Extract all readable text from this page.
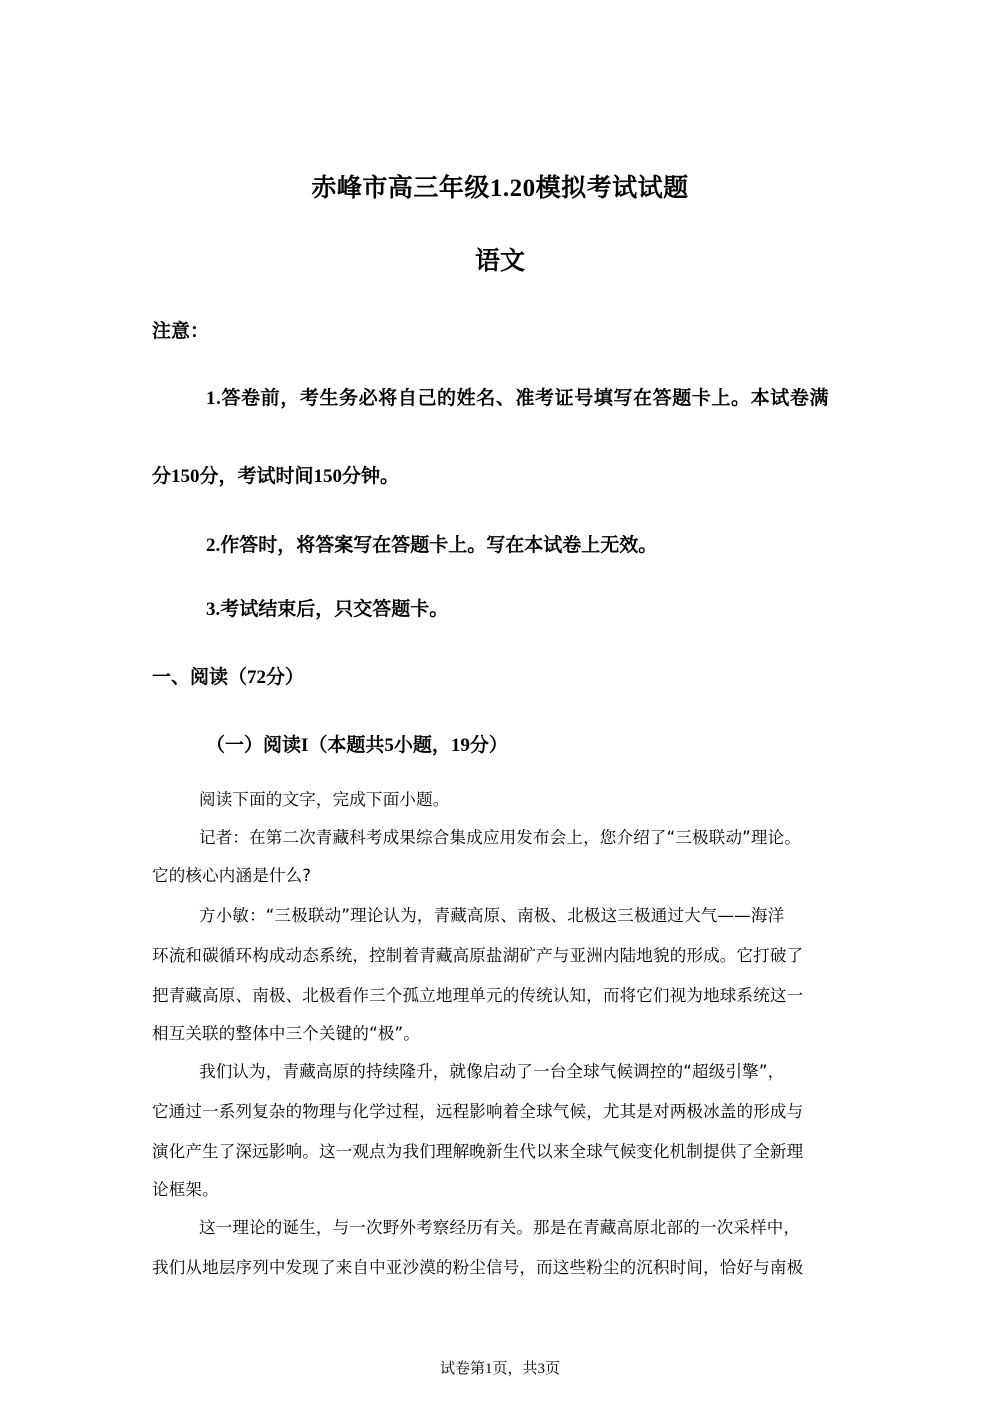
赤峰市高三年级1.20模拟考试试题
语文
注意：
1.答卷前，考生务必将自己的姓名、准考证号填写在答题卡上。本试卷满
分150分，考试时间150分钟。
2.作答时，将答案写在答题卡上。写在本试卷上无效。
3.考试结束后，只交答题卡。
一、阅读（72分）
（一）阅读I（本题共5小题，19分）
阅读下面的文字，完成下面小题。
记者：在第二次青藏科考成果综合集成应用发布会上，您介绍了“三极联动”理论。
它的核心内涵是什么?
方小敏：“三极联动”理论认为，青藏高原、南极、北极这三极通过大气——海洋
环流和碳循环构成动态系统，控制着青藏高原盐湖矿产与亚洲内陆地貌的形成。它打破了
把青藏高原、南极、北极看作三个孤立地理单元的传统认知，而将它们视为地球系统这一
相互关联的整体中三个关键的“极”。
我们认为，青藏高原的持续隆升，就像启动了一台全球气候调控的“超级引擎”，
它通过一系列复杂的物理与化学过程，远程影响着全球气候，尤其是对两极冰盖的形成与
演化产生了深远影响。这一观点为我们理解晚新生代以来全球气候变化机制提供了全新理
论框架。
这一理论的诞生，与一次野外考察经历有关。那是在青藏高原北部的一次采样中，
我们从地层序列中发现了来自中亚沙漠的粉尘信号，而这些粉尘的沉积时间，恰好与南极
试卷第1页，共3页
